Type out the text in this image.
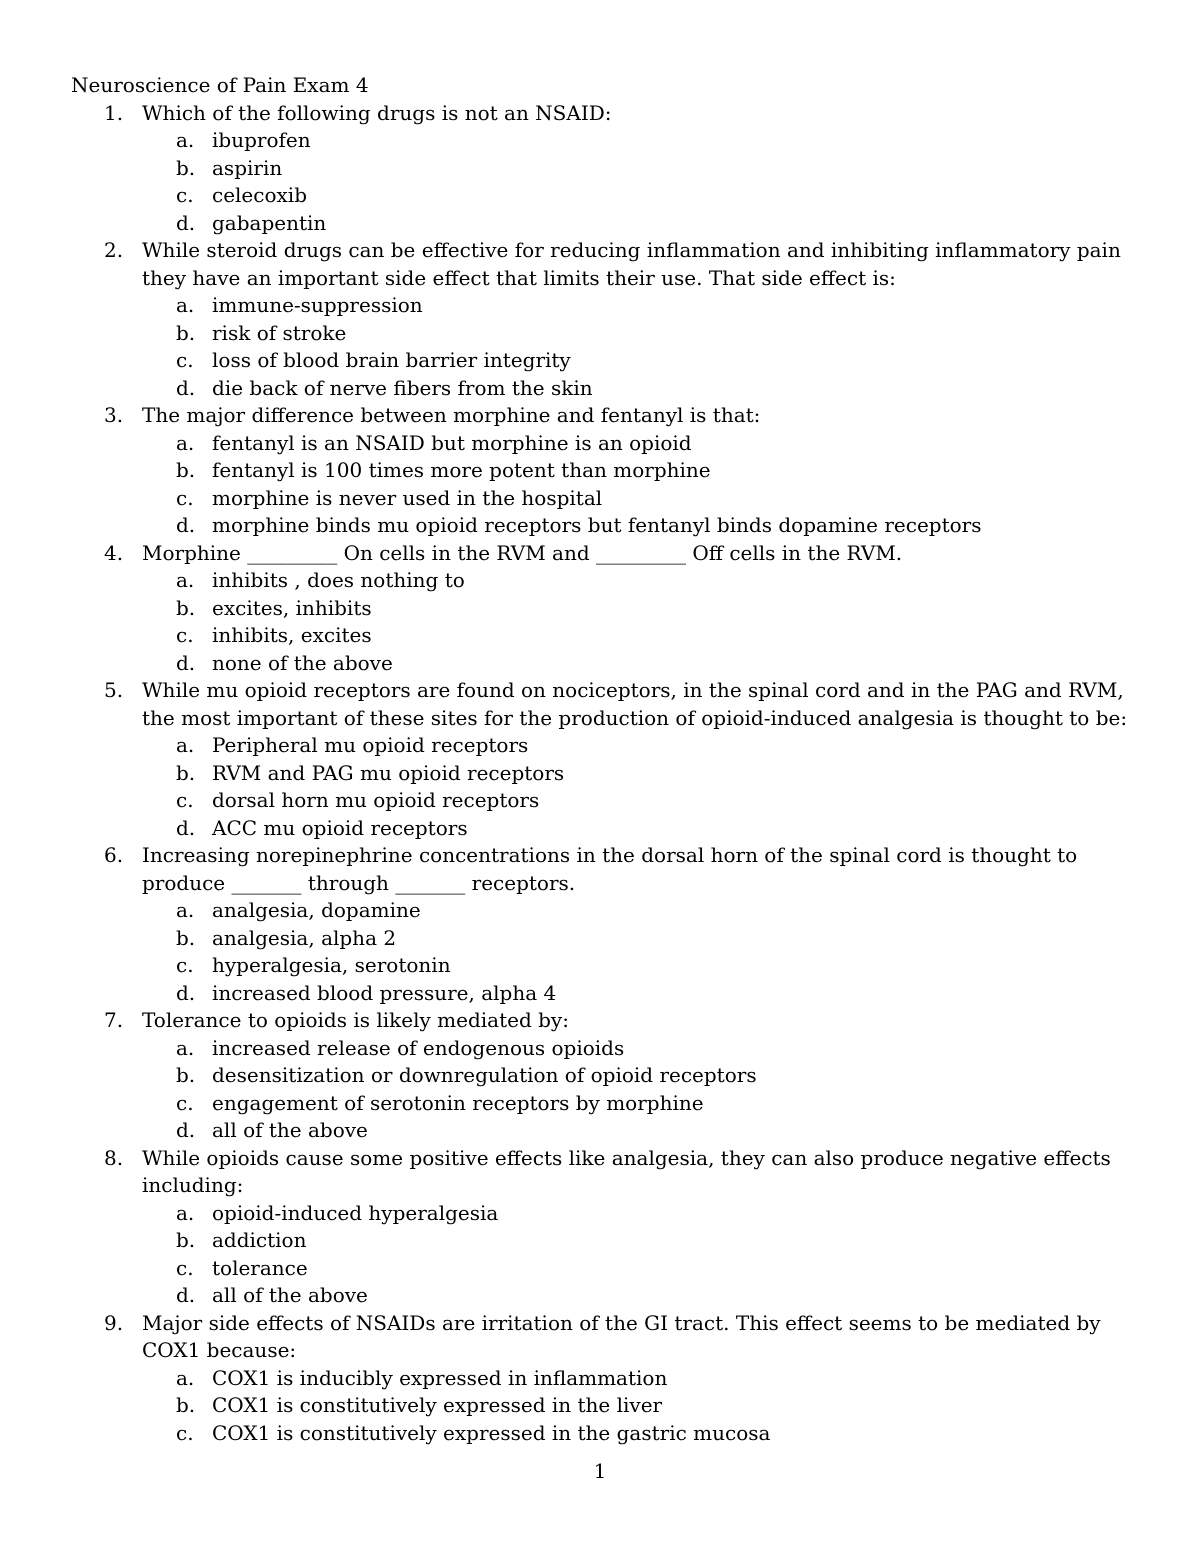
Neuroscience of Pain Exam 4
1. Which of the following drugs is not an NSAID:
a. ibuprofen
b. aspirin
c. celecoxib
d. gabapentin
2. While steroid drugs can be effective for reducing inflammation and inhibiting inflammatory pain they have an important side effect that limits their use. That side effect is:
a. immune-suppression
b. risk of stroke
c. loss of blood brain barrier integrity
d. die back of nerve fibers from the skin
3. The major difference between morphine and fentanyl is that:
a. fentanyl is an NSAID but morphine is an opioid
b. fentanyl is 100 times more potent than morphine
c. morphine is never used in the hospital
d. morphine binds mu opioid receptors but fentanyl binds dopamine receptors
4. Morphine _________ On cells in the RVM and _________ Off cells in the RVM.
a. inhibits , does nothing to
b. excites, inhibits
c. inhibits, excites
d. none of the above
5. While mu opioid receptors are found on nociceptors, in the spinal cord and in the PAG and RVM, the most important of these sites for the production of opioid-induced analgesia is thought to be:
a. Peripheral mu opioid receptors
b. RVM and PAG mu opioid receptors
c. dorsal horn mu opioid receptors
d. ACC mu opioid receptors
6. Increasing norepinephrine concentrations in the dorsal horn of the spinal cord is thought to produce _______ through _______ receptors.
a. analgesia, dopamine
b. analgesia, alpha 2
c. hyperalgesia, serotonin
d. increased blood pressure, alpha 4
7. Tolerance to opioids is likely mediated by:
a. increased release of endogenous opioids
b. desensitization or downregulation of opioid receptors
c. engagement of serotonin receptors by morphine
d. all of the above
8. While opioids cause some positive effects like analgesia, they can also produce negative effects including:
a. opioid-induced hyperalgesia
b. addiction
c. tolerance
d. all of the above
9. Major side effects of NSAIDs are irritation of the GI tract. This effect seems to be mediated by COX1 because:
a. COX1 is inducibly expressed in inflammation
b. COX1 is constitutively expressed in the liver
c. COX1 is constitutively expressed in the gastric mucosa
1
